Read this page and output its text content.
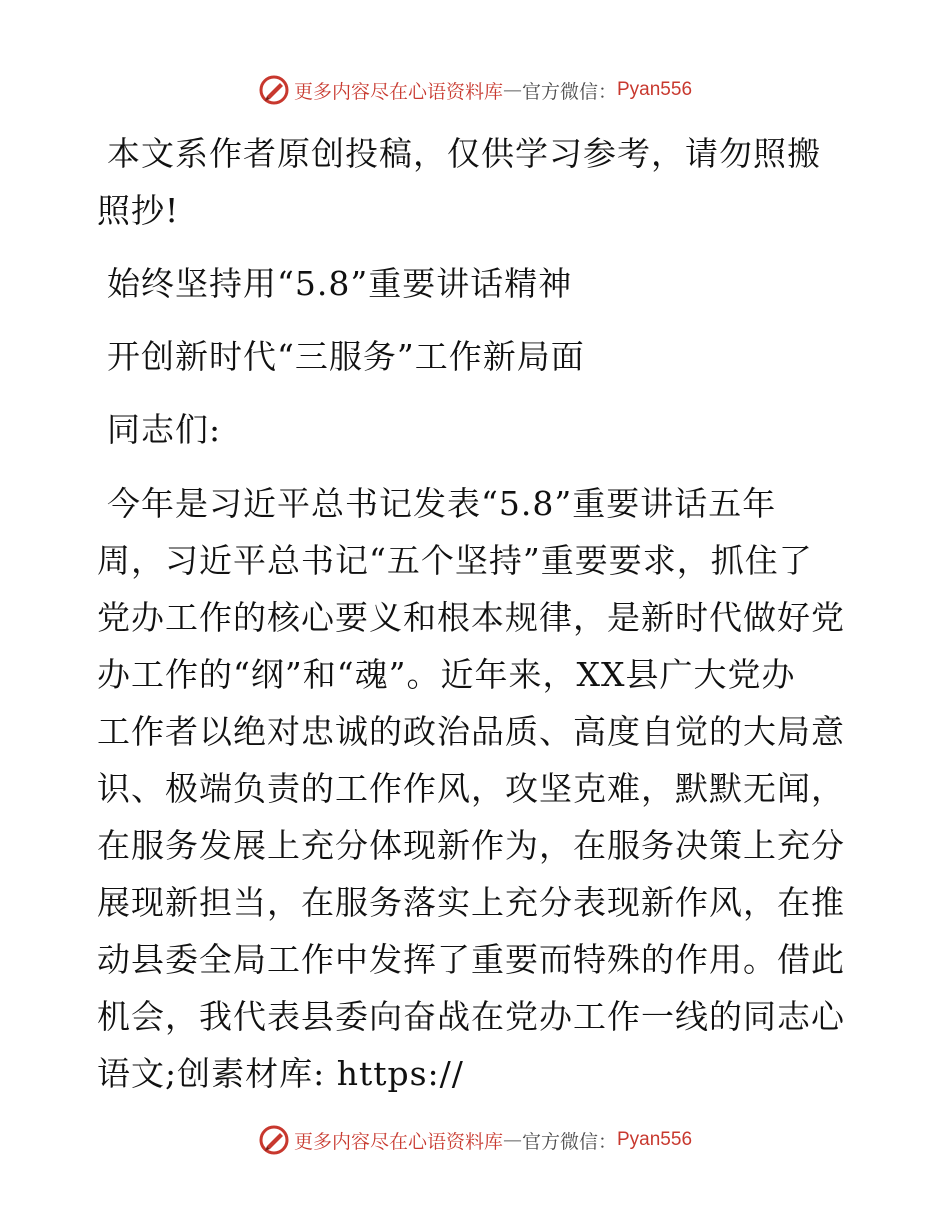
更多内容尽在心语资料库 — 官方微信： Pyan556
本文系作者原创投稿，仅供学习参考，请勿照搬
照抄!
始终坚持用“5.8”重要讲话精神
开创新时代“三服务”工作新局面
同志们:
今年是习近平总书记发表“5.8”重要讲话五年
周，习近平总书记“五个坚持”重要要求，抓住了
党办工作的核心要义和根本规律，是新时代做好党
办工作的“纲”和“魂”。近年来，XX县广大党办
工作者以绝对忠诚的政治品质、高度自觉的大局意
识、极端负责的工作作风，攻坚克难，默默无闻，
在服务发展上充分体现新作为，在服务决策上充分
展现新担当，在服务落实上充分表现新作风，在推
动县委全局工作中发挥了重要而特殊的作用。借此
机会，我代表县委向奋战在党办工作一线的同志心
语文;创素材库: https://
更多内容尽在心语资料库 — 官方微信： Pyan556
